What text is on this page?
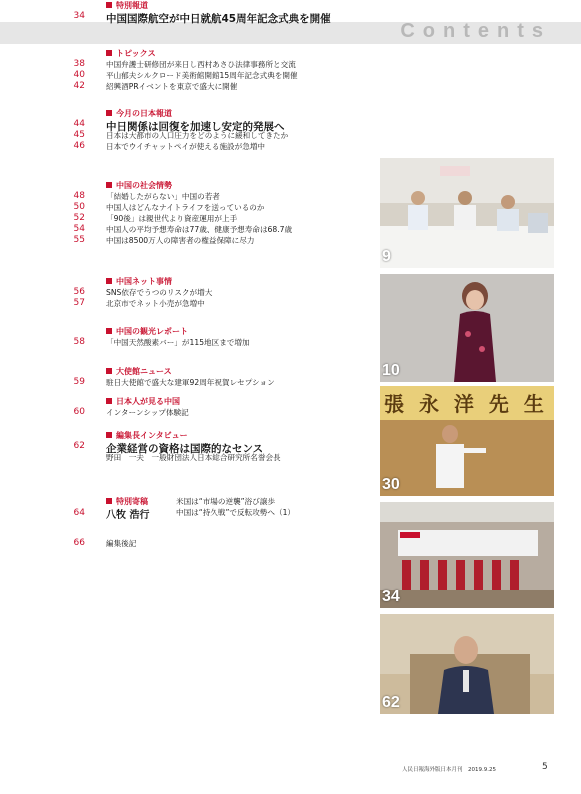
Contents
特別報道
34 中国国際航空が中日就航45周年記念式典を開催
トピックス
38	中国弁護士研修団が来日し西村あさひ法律事務所と交流
40	平山郁夫シルクロード美術館開館15周年記念式典を開催
42	紹興酒PRイベントを東京で盛大に開催
今月の日本報道
44 中日関係は回復を加速し安定的発展へ
45	日本は大都市の人口圧力をどのように緩和してきたか
46	日本でウイチャットペイが使える施設が急増中
中国の社会情勢
48	「結婚したがらない」中国の若者
50	中国人はどんなナイトライフを送っているのか
52	「90後」は親世代より資産運用が上手
54	中国人の平均予想寿命は77歳、健康予想寿命は68.7歳
55	中国は8500万人の障害者の権益保障に尽力
中国ネット事情
56	SNS依存でうつのリスクが増大
57	北京市でネット小売が急増中
中国の観光レポート
58	「中国天然酸素バー」が115地区まで増加
大使館ニュース
59	駐日大使館で盛大な建軍92周年祝賀レセプション
日本人が見る中国
60	インターンシップ体験記
編集長インタビュー
62 企業経営の資格は国際的なセンス
野田　一夫　一般財団法人日本総合研究所名誉会長
特別寄稿
64 八牧 浩行
米国は“市場の逆襲”浴び譲歩
中国は“持久戦”で反転攻勢へ（1）
66	編集後記
9
10
張 永 洋 先 生
30
34
62
人民日報海外版日本月刊　2019.9.25	5
